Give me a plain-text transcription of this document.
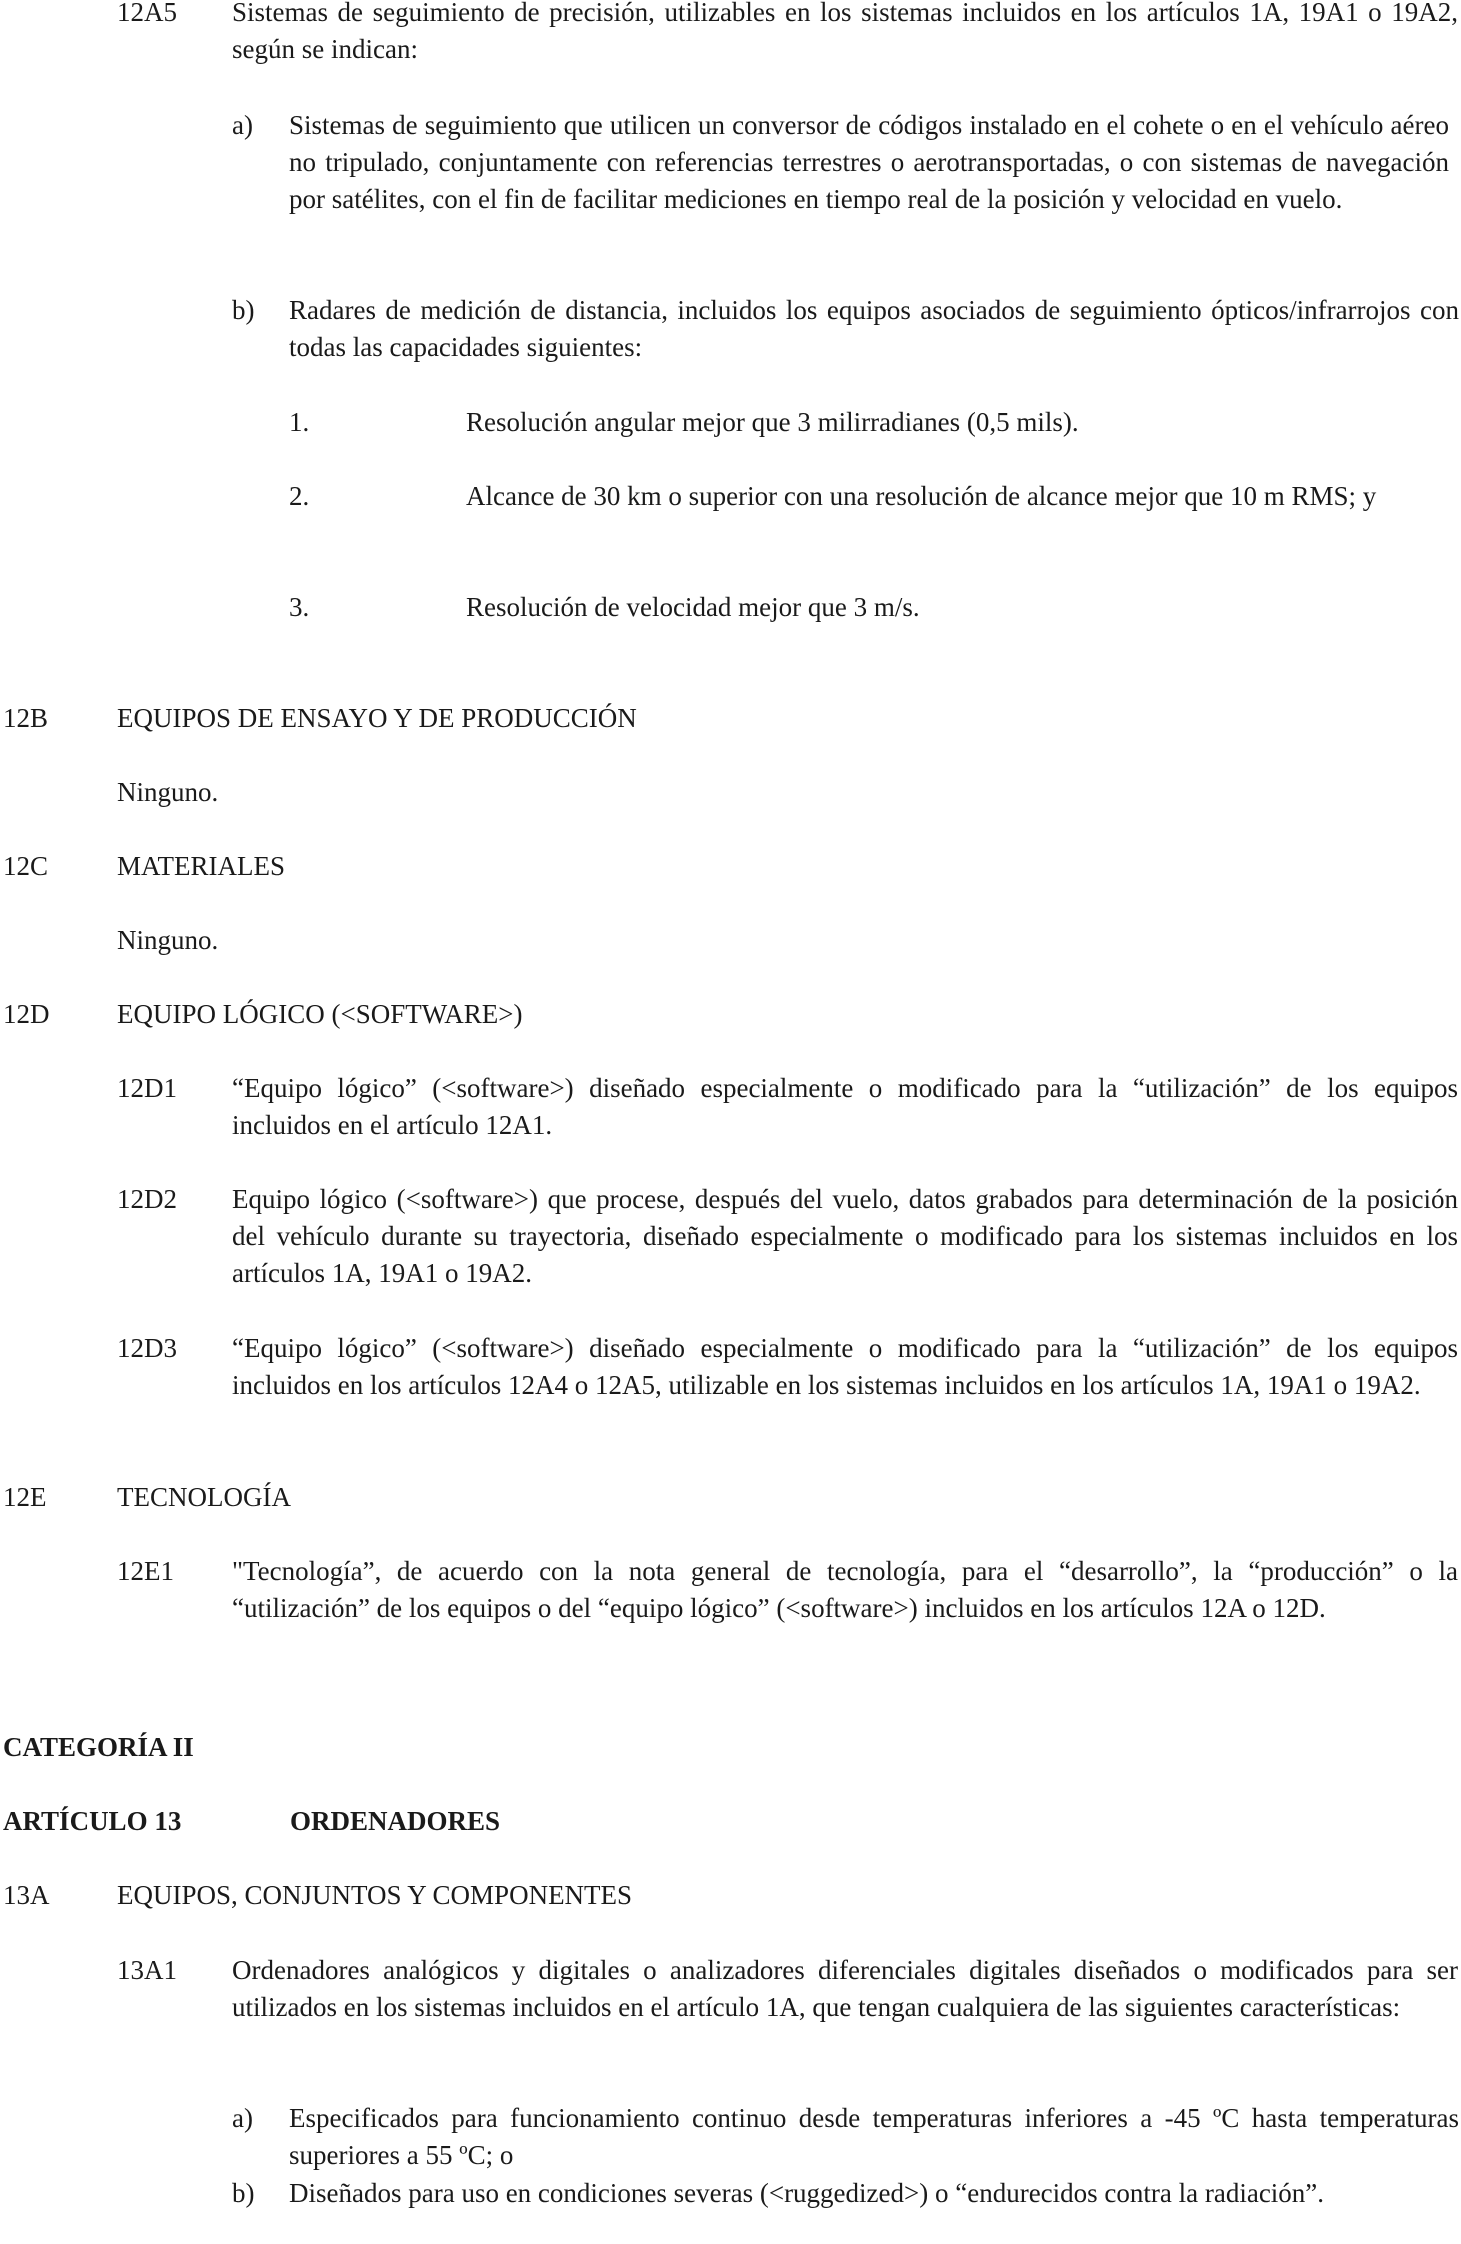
12A5 Sistemas de seguimiento de precisión, utilizables en los sistemas incluidos en los artículos 1A, 19A1 o 19A2, según se indican:

a) Sistemas de seguimiento que utilicen un conversor de códigos instalado en el cohete o en el vehículo aéreo no tripulado, conjuntamente con referencias terrestres o aerotransportadas, o con sistemas de navegación por satélites, con el fin de facilitar mediciones en tiempo real de la posición y velocidad en vuelo.

b) Radares de medición de distancia, incluidos los equipos asociados de seguimiento ópticos/infrarrojos con todas las capacidades siguientes:

1.	Resolución angular mejor que 3 milirradianes (0,5 mils).

2.	Alcance de 30 km o superior con una resolución de alcance mejor que 10 m RMS; y

3.	Resolución de velocidad mejor que 3 m/s.

12B	EQUIPOS DE ENSAYO Y DE PRODUCCIÓN

Ninguno.

12C	MATERIALES

Ninguno.

12D	EQUIPO LÓGICO (<SOFTWARE>)

12D1 “Equipo lógico” (<software>) diseñado especialmente o modificado para la “utilización” de los equipos incluidos en el artículo 12A1.

12D2 Equipo lógico (<software>) que procese, después del vuelo, datos grabados para determinación de la posición del vehículo durante su trayectoria, diseñado especialmente o modificado para los sistemas incluidos en los artículos 1A, 19A1 o 19A2.

12D3 “Equipo lógico” (<software>) diseñado especialmente o modificado para la “utilización” de los equipos incluidos en los artículos 12A4 o 12A5, utilizable en los sistemas incluidos en los artículos 1A, 19A1 o 19A2.

12E	TECNOLOGÍA

12E1 "Tecnología”, de acuerdo con la nota general de tecnología, para el “desarrollo”, la “producción” o la “utilización” de los equipos o del “equipo lógico” (<software>) incluidos en los artículos 12A o 12D.

CATEGORÍA II

ARTÍCULO 13	ORDENADORES

13A	EQUIPOS, CONJUNTOS Y COMPONENTES

13A1 Ordenadores analógicos y digitales o analizadores diferenciales digitales diseñados o modificados para ser utilizados en los sistemas incluidos en el artículo 1A, que tengan cualquiera de las siguientes características:

a) Especificados para funcionamiento continuo desde temperaturas inferiores a -45 ºC hasta temperaturas superiores a 55 ºC; o

b) Diseñados para uso en condiciones severas (<ruggedized>) o “endurecidos contra la radiación”.
